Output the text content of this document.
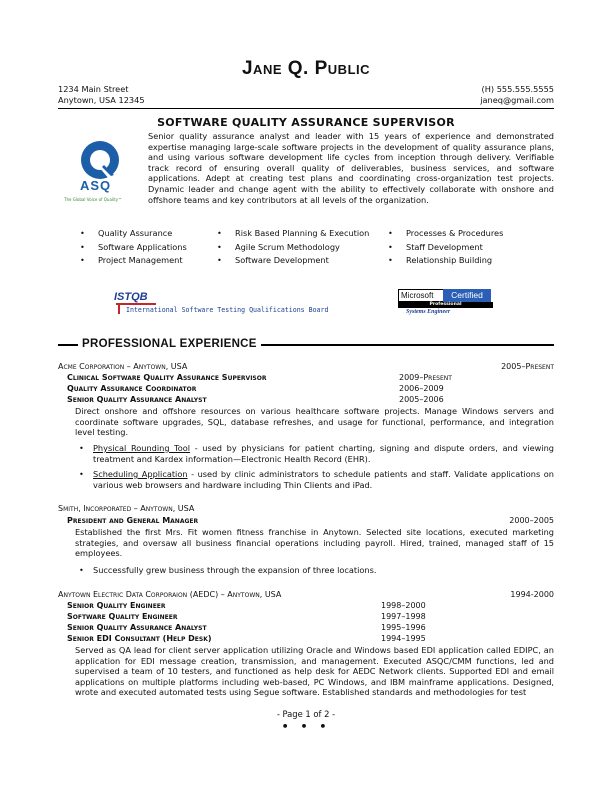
Jane Q. Public
1234 Main Street
Anytown, USA 12345
(H) 555.555.5555
janeq@gmail.com
SOFTWARE QUALITY ASSURANCE SUPERVISOR
ASQ
The Global Voice of Quality™
Senior quality assurance analyst and leader with 15 years of experience and demonstrated expertise managing large-scale software projects in the development of quality assurance plans, and using various software development life cycles from inception through delivery. Verifiable track record of ensuring overall quality of deliverables, business services, and software applications. Adept at creating test plans and coordinating cross-organization test projects. Dynamic leader and change agent with the ability to effectively collaborate with onshore and offshore teams and key contributors at all levels of the organization.
• Quality Assurance
• Software Applications
• Project Management
• Risk Based Planning & Execution
• Agile Scrum Methodology
• Software Development
• Processes & Procedures
• Staff Development
• Relationship Building
ISTQB
International Software Testing Qualifications Board
Microsoft	Certified
Professional
Systems Engineer
PROFESSIONAL EXPERIENCE
Acme Corporation – Anytown, USA	2005–Present
Clinical Software Quality Assurance Supervisor	2009–Present
Quality Assurance Coordinator	2006–2009
Senior Quality Assurance Analyst	2005–2006
Direct onshore and offshore resources on various healthcare software projects. Manage Windows servers and coordinate software upgrades, SQL, database refreshes, and usage for functional, performance, and integration level testing.
• Physical Rounding Tool - used by physicians for patient charting, signing and dispute orders, and viewing treatment and Kardex information—Electronic Health Record (EHR).
• Scheduling Application - used by clinic administrators to schedule patients and staff. Validate applications on various web browsers and hardware including Thin Clients and iPad.
Smith, Incorporated – Anytown, USA
President and General Manager	2000–2005
Established the first Mrs. Fit women fitness franchise in Anytown. Selected site locations, executed marketing strategies, and oversaw all business financial operations including payroll. Hired, trained, managed staff of 15 employees.
• Successfully grew business through the expansion of three locations.
Anytown Electric Data Corporaion (AEDC) – Anytown, USA	1994-2000
Senior Quality Engineer	1998–2000
Software Quality Engineer	1997–1998
Senior Quality Assurance Analyst	1995–1996
Senior EDI Consultant (Help Desk)	1994–1995
Served as QA lead for client server application utilizing Oracle and Windows based EDI application called EDIPC, an application for EDI message creation, transmission, and management. Executed ASQC/CMM functions, led and supervised a team of 10 testers, and functioned as help desk for AEDC Network clients. Supported EDI and email applications on multiple platforms including web-based, PC Windows, and IBM mainframe applications. Designed, wrote and executed automated tests using Segue software. Established standards and methodologies for test
- Page 1 of 2 -
• • •
